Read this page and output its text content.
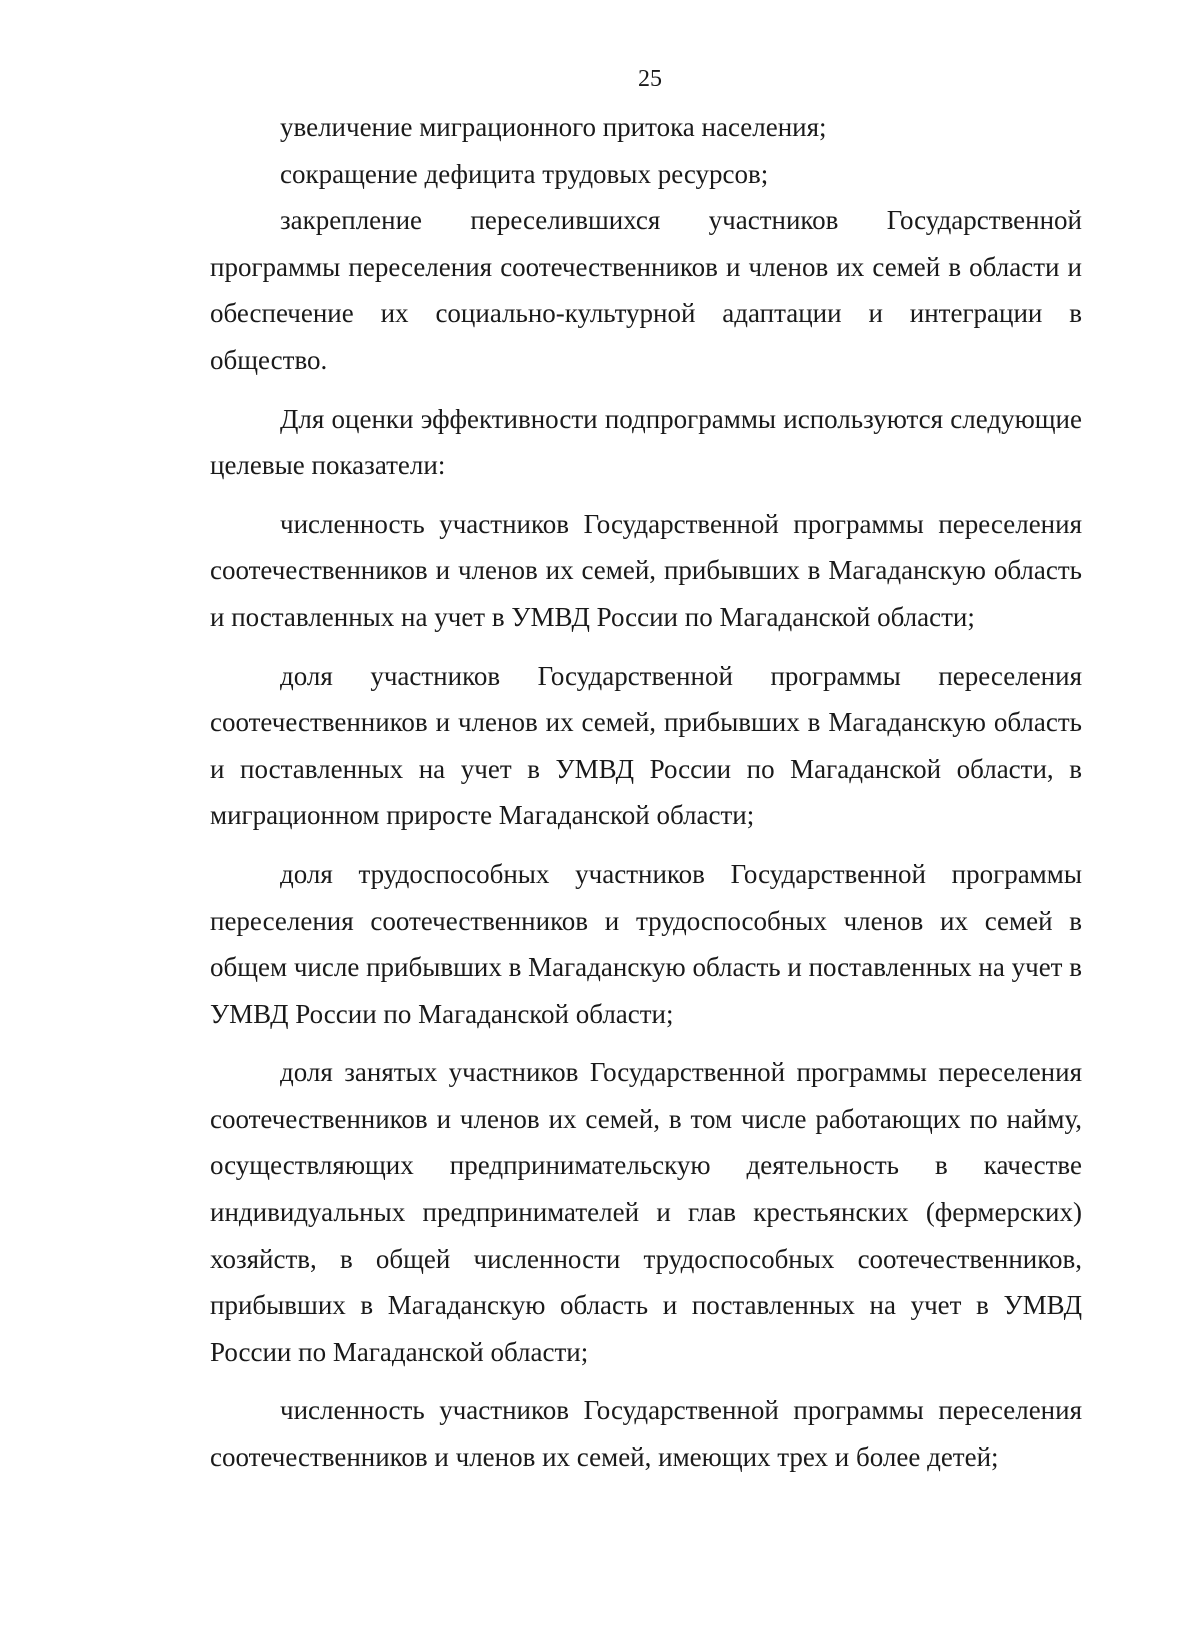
25

увеличение миграционного притока населения;

сокращение дефицита трудовых ресурсов;

закрепление переселившихся участников Государственной программы переселения соотечественников и членов их семей в области и обеспечение их социально-культурной адаптации и интеграции в общество.

Для оценки эффективности подпрограммы используются следующие целевые показатели:

численность участников Государственной программы переселения соотечественников и членов их семей, прибывших в Магаданскую область и поставленных на учет в УМВД России по Магаданской области;

доля участников Государственной программы переселения соотечественников и членов их семей, прибывших в Магаданскую область и поставленных на учет в УМВД России по Магаданской области, в миграционном приросте Магаданской области;

доля трудоспособных участников Государственной программы переселения соотечественников и трудоспособных членов их семей в общем числе прибывших в Магаданскую область и поставленных на учет в УМВД России по Магаданской области;

доля занятых участников Государственной программы переселения соотечественников и членов их семей, в том числе работающих по найму, осуществляющих предпринимательскую деятельность в качестве индивидуальных предпринимателей и глав крестьянских (фермерских) хозяйств, в общей численности трудоспособных соотечественников, прибывших в Магаданскую область и поставленных на учет в УМВД России по Магаданской области;

численность участников Государственной программы переселения соотечественников и членов их семей, имеющих трех и более детей;
